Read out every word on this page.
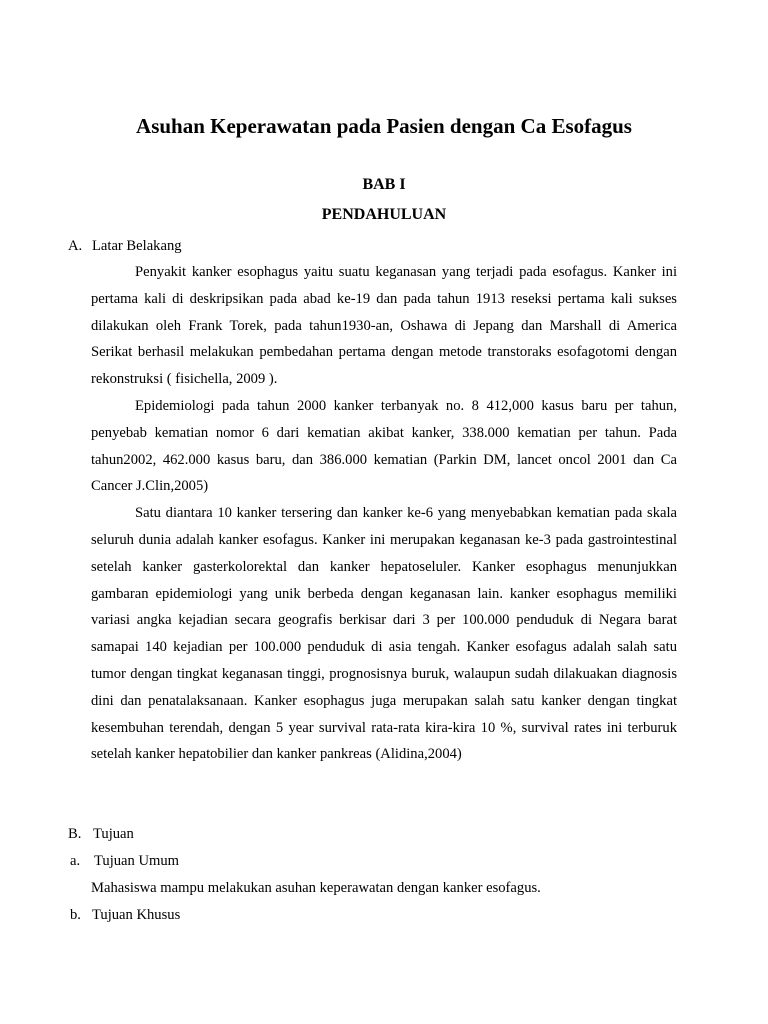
Asuhan Keperawatan pada Pasien dengan Ca Esofagus
BAB I
PENDAHULUAN
A. Latar Belakang

Penyakit kanker esophagus yaitu suatu keganasan yang terjadi pada esofagus. Kanker ini pertama kali di deskripsikan pada abad ke-19 dan pada tahun 1913 reseksi pertama kali sukses dilakukan oleh Frank Torek, pada tahun1930-an, Oshawa di Jepang dan Marshall di America Serikat berhasil melakukan pembedahan pertama dengan metode transtoraks esofagotomi dengan rekonstruksi ( fisichella, 2009 ).

Epidemiologi pada tahun 2000 kanker terbanyak no. 8 412,000 kasus baru per tahun, penyebab kematian nomor 6 dari kematian akibat kanker, 338.000 kematian per tahun. Pada tahun2002, 462.000 kasus baru, dan 386.000 kematian (Parkin DM, lancet oncol 2001 dan Ca Cancer J.Clin,2005)

Satu diantara 10 kanker tersering dan kanker ke-6 yang menyebabkan kematian pada skala seluruh dunia adalah kanker esofagus. Kanker ini merupakan keganasan ke-3 pada gastrointestinal setelah kanker gasterkolorektal dan kanker hepatoseluler. Kanker esophagus menunjukkan gambaran epidemiologi yang unik berbeda dengan keganasan lain. kanker esophagus memiliki variasi angka kejadian secara geografis berkisar dari 3 per 100.000 penduduk di Negara barat samapai 140 kejadian per 100.000 penduduk di asia tengah. Kanker esofagus adalah salah satu tumor dengan tingkat keganasan tinggi, prognosisnya buruk, walaupun sudah dilakuakan diagnosis dini dan penatalaksanaan. Kanker esophagus juga merupakan salah satu kanker dengan tingkat kesembuhan terendah, dengan 5 year survival rata-rata kira-kira 10 %, survival rates ini terburuk setelah kanker hepatobilier dan kanker pankreas (Alidina,2004)

B. Tujuan
a. Tujuan Umum
Mahasiswa mampu melakukan asuhan keperawatan dengan kanker esofagus.
b. Tujuan Khusus
